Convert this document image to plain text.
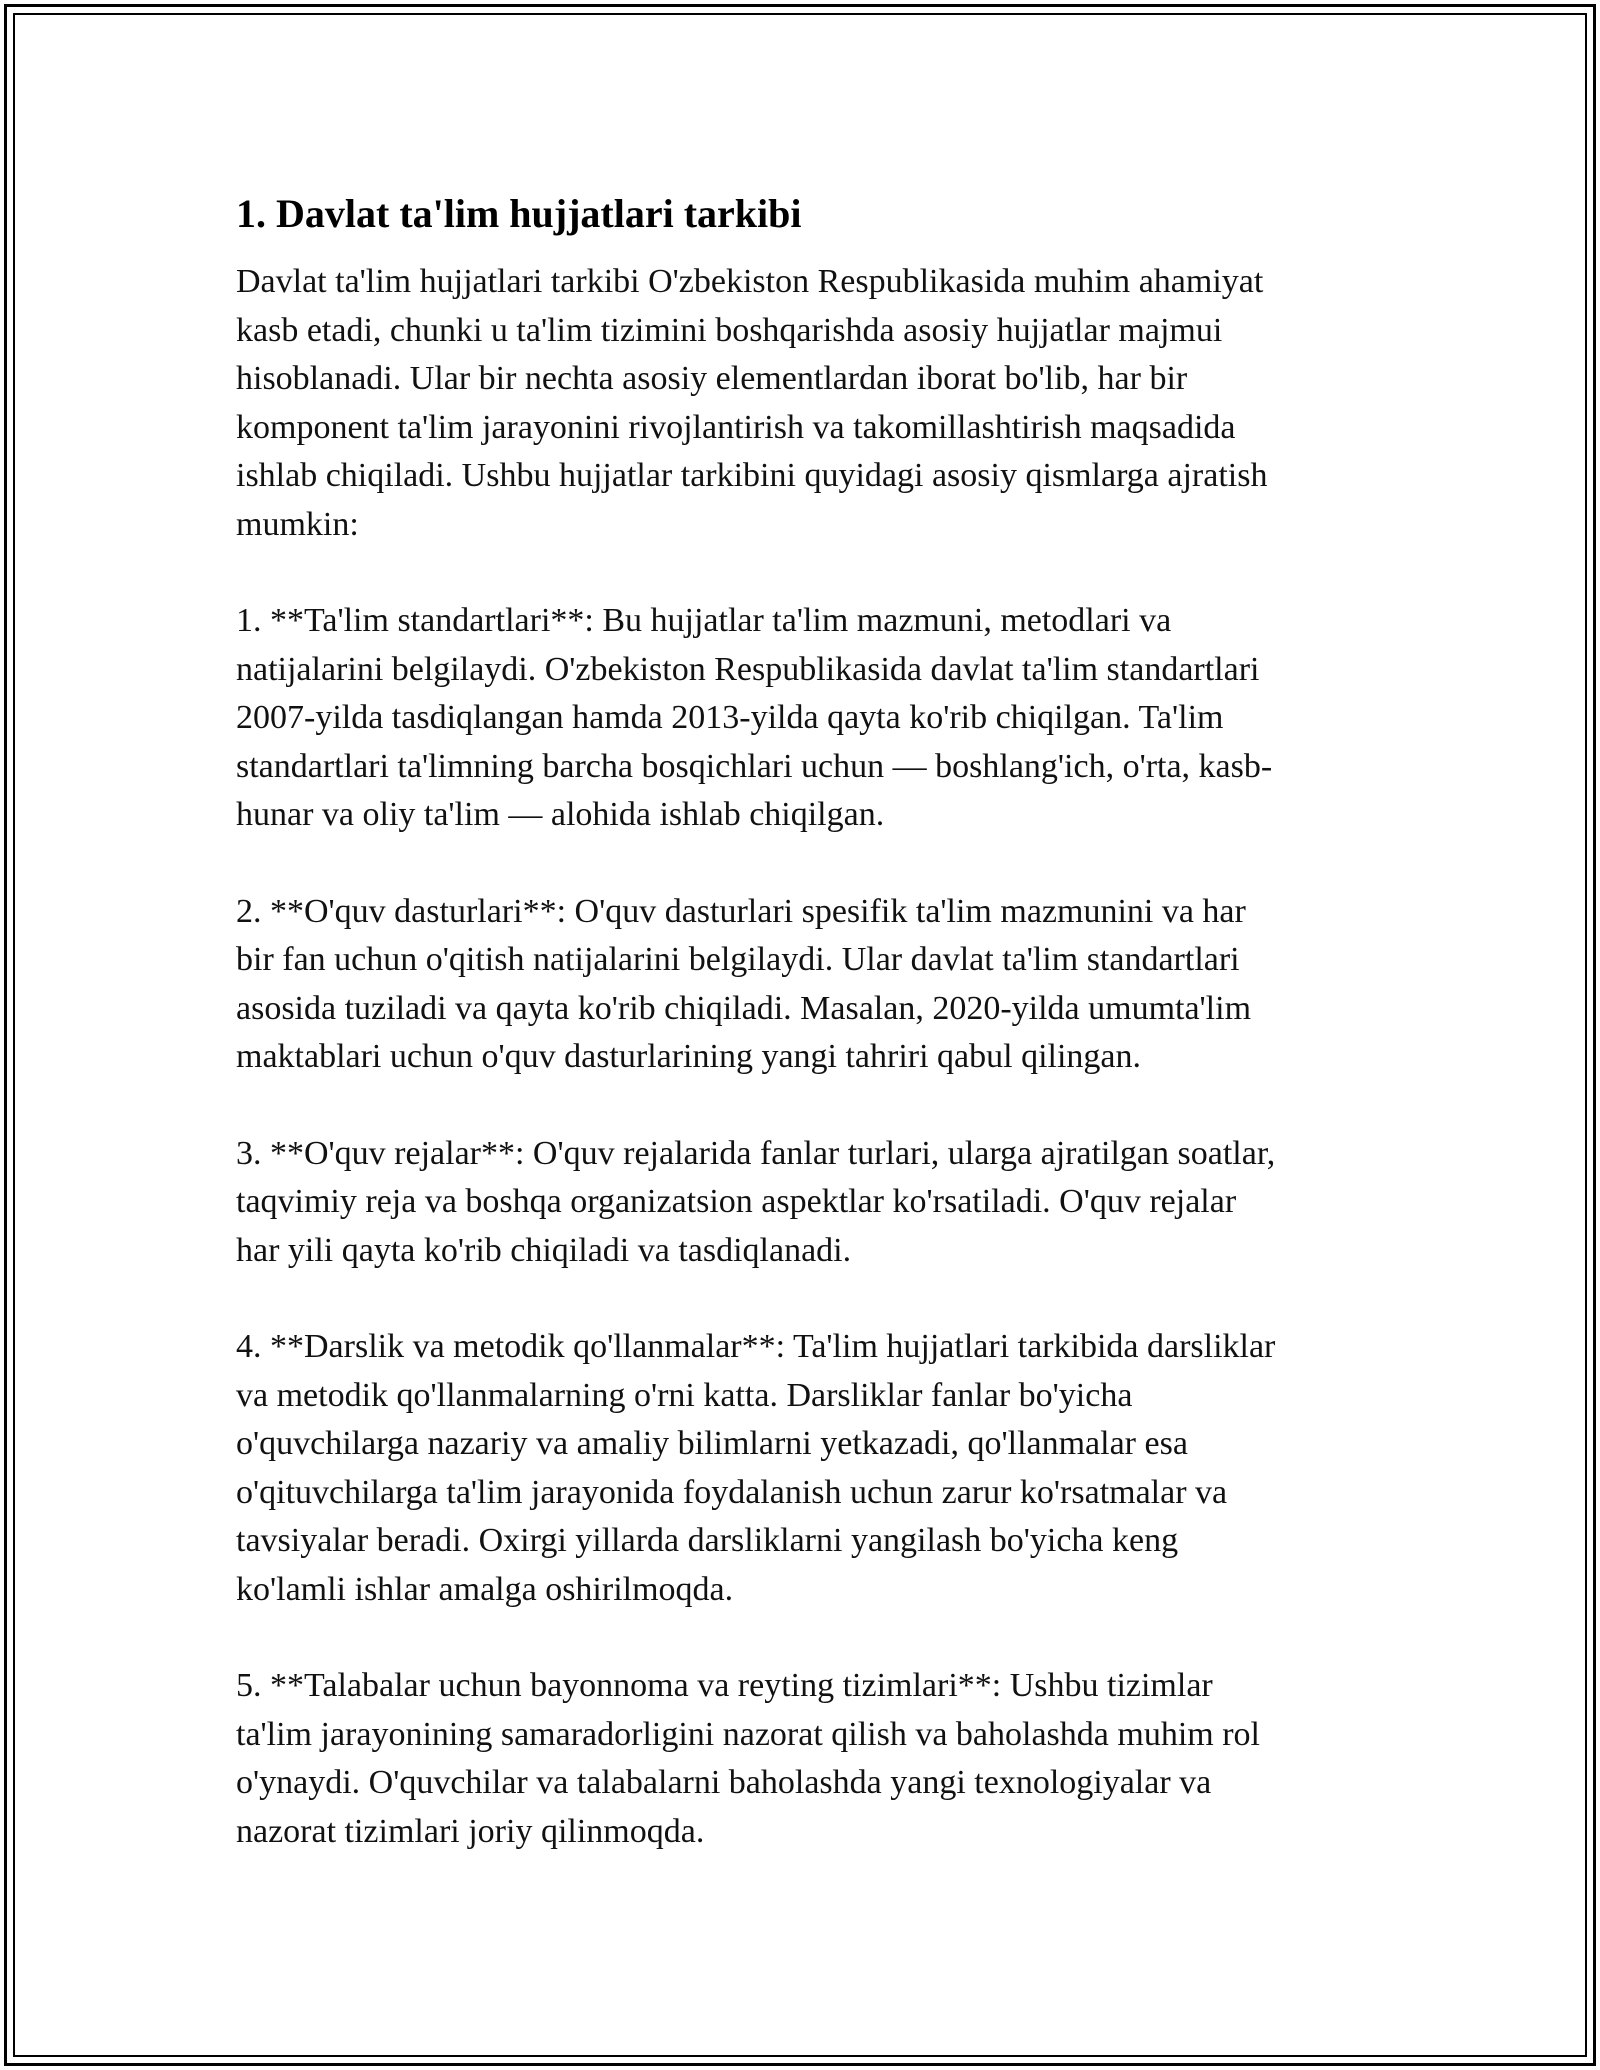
1. Davlat ta'lim hujjatlari tarkibi

Davlat ta'lim hujjatlari tarkibi O'zbekiston Respublikasida muhim ahamiyat
kasb etadi, chunki u ta'lim tizimini boshqarishda asosiy hujjatlar majmui
hisoblanadi. Ular bir nechta asosiy elementlardan iborat bo'lib, har bir
komponent ta'lim jarayonini rivojlantirish va takomillashtirish maqsadida
ishlab chiqiladi. Ushbu hujjatlar tarkibini quyidagi asosiy qismlarga ajratish
mumkin:

1. **Ta'lim standartlari**: Bu hujjatlar ta'lim mazmuni, metodlari va
natijalarini belgilaydi. O'zbekiston Respublikasida davlat ta'lim standartlari
2007-yilda tasdiqlangan hamda 2013-yilda qayta ko'rib chiqilgan. Ta'lim
standartlari ta'limning barcha bosqichlari uchun — boshlang'ich, o'rta, kasb-
hunar va oliy ta'lim — alohida ishlab chiqilgan.

2. **O'quv dasturlari**: O'quv dasturlari spesifik ta'lim mazmunini va har
bir fan uchun o'qitish natijalarini belgilaydi. Ular davlat ta'lim standartlari
asosida tuziladi va qayta ko'rib chiqiladi. Masalan, 2020-yilda umumta'lim
maktablari uchun o'quv dasturlarining yangi tahriri qabul qilingan.

3. **O'quv rejalar**: O'quv rejalarida fanlar turlari, ularga ajratilgan soatlar,
taqvimiy reja va boshqa organizatsion aspektlar ko'rsatiladi. O'quv rejalar
har yili qayta ko'rib chiqiladi va tasdiqlanadi.

4. **Darslik va metodik qo'llanmalar**: Ta'lim hujjatlari tarkibida darsliklar
va metodik qo'llanmalarning o'rni katta. Darsliklar fanlar bo'yicha
o'quvchilarga nazariy va amaliy bilimlarni yetkazadi, qo'llanmalar esa
o'qituvchilarga ta'lim jarayonida foydalanish uchun zarur ko'rsatmalar va
tavsiyalar beradi. Oxirgi yillarda darsliklarni yangilash bo'yicha keng
ko'lamli ishlar amalga oshirilmoqda.

5. **Talabalar uchun bayonnoma va reyting tizimlari**: Ushbu tizimlar
ta'lim jarayonining samaradorligini nazorat qilish va baholashda muhim rol
o'ynaydi. O'quvchilar va talabalarni baholashda yangi texnologiyalar va
nazorat tizimlari joriy qilinmoqda.
